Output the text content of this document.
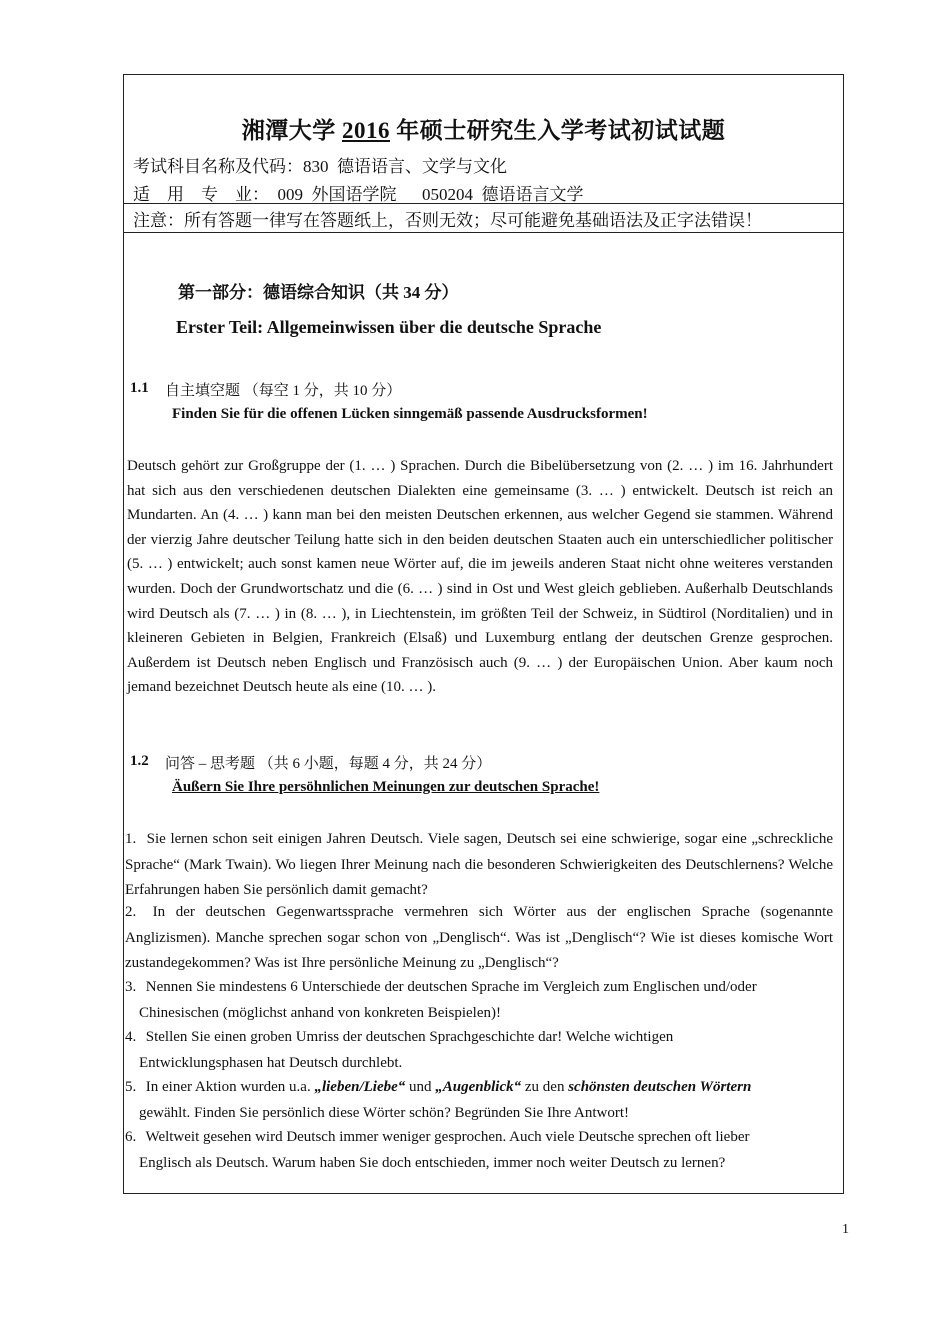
湘潭大学 2016 年硕士研究生入学考试初试试题
考试科目名称及代码：830  德语语言、文学与文化
适    用    专    业：  009  外国语学院      050204  德语语言文学
注意：所有答题一律写在答题纸上，否则无效；尽可能避免基础语法及正字法错误！
第一部分：德语综合知识（共 34 分）
Erster Teil: Allgemeinwissen über die deutsche Sprache
1.1 自主填空题 （每空 1 分，共 10 分）
Finden Sie für die offenen Lücken sinngemäß passende Ausdrucksformen!
Deutsch gehört zur Großgruppe der (1. … ) Sprachen. Durch die Bibelübersetzung von (2. … ) im 16. Jahrhundert hat sich aus den verschiedenen deutschen Dialekten eine gemeinsame (3. … ) entwickelt. Deutsch ist reich an Mundarten. An (4. … ) kann man bei den meisten Deutschen erkennen, aus welcher Gegend sie stammen. Während der vierzig Jahre deutscher Teilung hatte sich in den beiden deutschen Staaten auch ein unterschiedlicher politischer (5. … ) entwickelt; auch sonst kamen neue Wörter auf, die im jeweils anderen Staat nicht ohne weiteres verstanden wurden. Doch der Grundwortschatz und die (6. … ) sind in Ost und West gleich geblieben. Außerhalb Deutschlands wird Deutsch als (7. … ) in (8. … ), in Liechtenstein, im größten Teil der Schweiz, in Südtirol (Norditalien) und in kleineren Gebieten in Belgien, Frankreich (Elsaß) und Luxemburg entlang der deutschen Grenze gesprochen. Außerdem ist Deutsch neben Englisch und Französisch auch (9. … ) der Europäischen Union. Aber kaum noch jemand bezeichnet Deutsch heute als eine (10. … ).
1.2 问答 – 思考题 （共 6 小题，每题 4 分，共 24 分）
Äußern Sie Ihre persöhnlichen Meinungen zur deutschen Sprache!
1. Sie lernen schon seit einigen Jahren Deutsch. Viele sagen, Deutsch sei eine schwierige, sogar eine „schreckliche Sprache“ (Mark Twain). Wo liegen Ihrer Meinung nach die besonderen Schwierigkeiten des Deutschlernens? Welche Erfahrungen haben Sie persönlich damit gemacht?
2. In der deutschen Gegenwartssprache vermehren sich Wörter aus der englischen Sprache (sogenannte Anglizismen). Manche sprechen sogar schon von „Denglisch“. Was ist „Denglisch“? Wie ist dieses komische Wort zustandegekommen? Was ist Ihre persönliche Meinung zu „Denglisch“?
3. Nennen Sie mindestens 6 Unterschiede der deutschen Sprache im Vergleich zum Englischen und/oder
Chinesischen (möglichst anhand von konkreten Beispielen)!
4. Stellen Sie einen groben Umriss der deutschen Sprachgeschichte dar! Welche wichtigen
Entwicklungsphasen hat Deutsch durchlebt.
5. In einer Aktion wurden u.a. „lieben/Liebe“ und „Augenblick“ zu den schönsten deutschen Wörtern
gewählt. Finden Sie persönlich diese Wörter schön? Begründen Sie Ihre Antwort!
6. Weltweit gesehen wird Deutsch immer weniger gesprochen. Auch viele Deutsche sprechen oft lieber
Englisch als Deutsch. Warum haben Sie doch entschieden, immer noch weiter Deutsch zu lernen?
1
